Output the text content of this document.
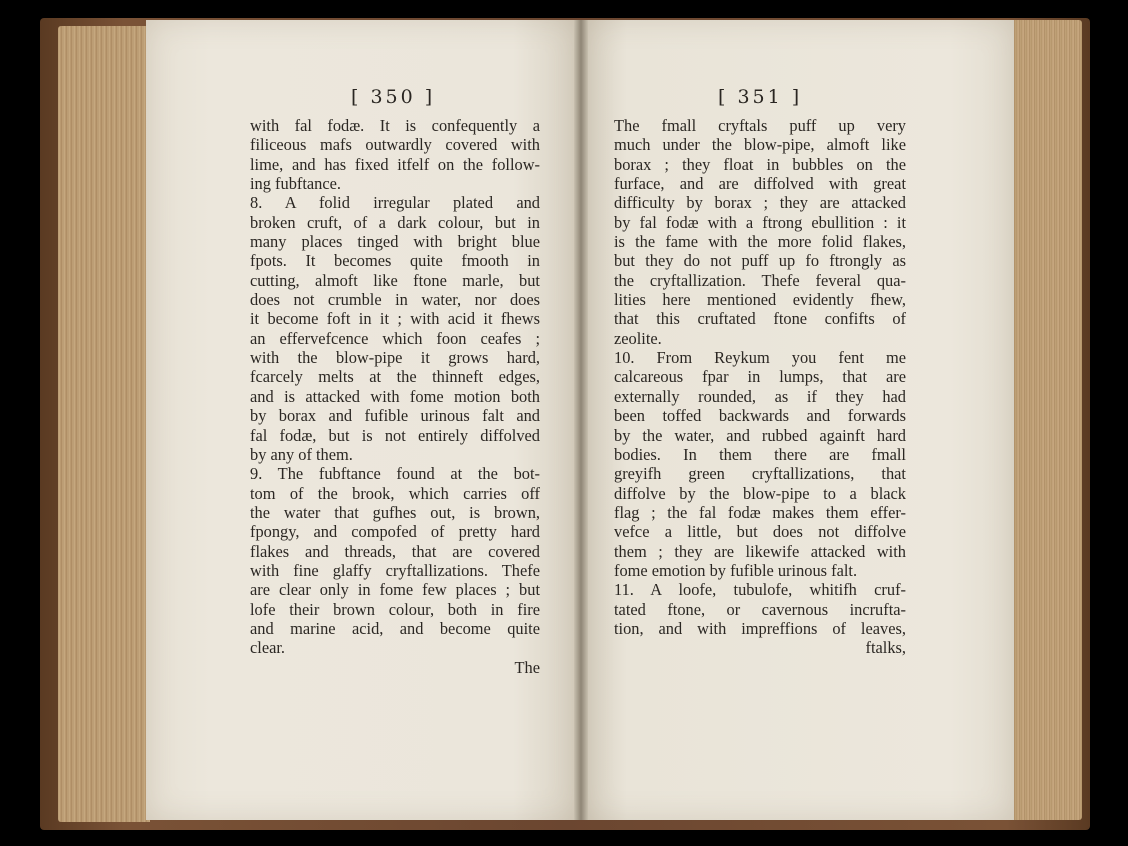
[ 350 ]	[ 351 ]
with fal fodæ. It is confequently a
filiceous mafs outwardly covered with
lime, and has fixed itfelf on the follow-
ing fubftance.
8. A folid irregular plated and
broken cruft, of a dark colour, but in
many places tinged with bright blue
fpots. It becomes quite fmooth in
cutting, almoft like ftone marle, but
does not crumble in water, nor does
it become foft in it ; with acid it fhews
an effervefcence which foon ceafes ;
with the blow-pipe it grows hard,
fcarcely melts at the thinneft edges,
and is attacked with fome motion both
by borax and fufible urinous falt and
fal fodæ, but is not entirely diffolved
by any of them.
9. The fubftance found at the bot-
tom of the brook, which carries off
the water that gufhes out, is brown,
fpongy, and compofed of pretty hard
flakes and threads, that are covered
with fine glaffy cryftallizations. Thefe
are clear only in fome few places ; but
lofe their brown colour, both in fire
and marine acid, and become quite
clear.
The
The fmall cryftals puff up very
much under the blow-pipe, almoft like
borax ; they float in bubbles on the
furface, and are diffolved with great
difficulty by borax ; they are attacked
by fal fodæ with a ftrong ebullition : it
is the fame with the more folid flakes,
but they do not puff up fo ftrongly as
the cryftallization. Thefe feveral qua-
lities here mentioned evidently fhew,
that this cruftated ftone confifts of
zeolite.
10. From Reykum you fent me
calcareous fpar in lumps, that are
externally rounded, as if they had
been toffed backwards and forwards
by the water, and rubbed againft hard
bodies. In them there are fmall
greyifh green cryftallizations, that
diffolve by the blow-pipe to a black
flag ; the fal fodæ makes them effer-
vefce a little, but does not diffolve
them ; they are likewife attacked with
fome emotion by fufible urinous falt.
11. A loofe, tubulofe, whitifh cruf-
tated ftone, or cavernous incrufta-
tion, and with impreffions of leaves,
ftalks,
